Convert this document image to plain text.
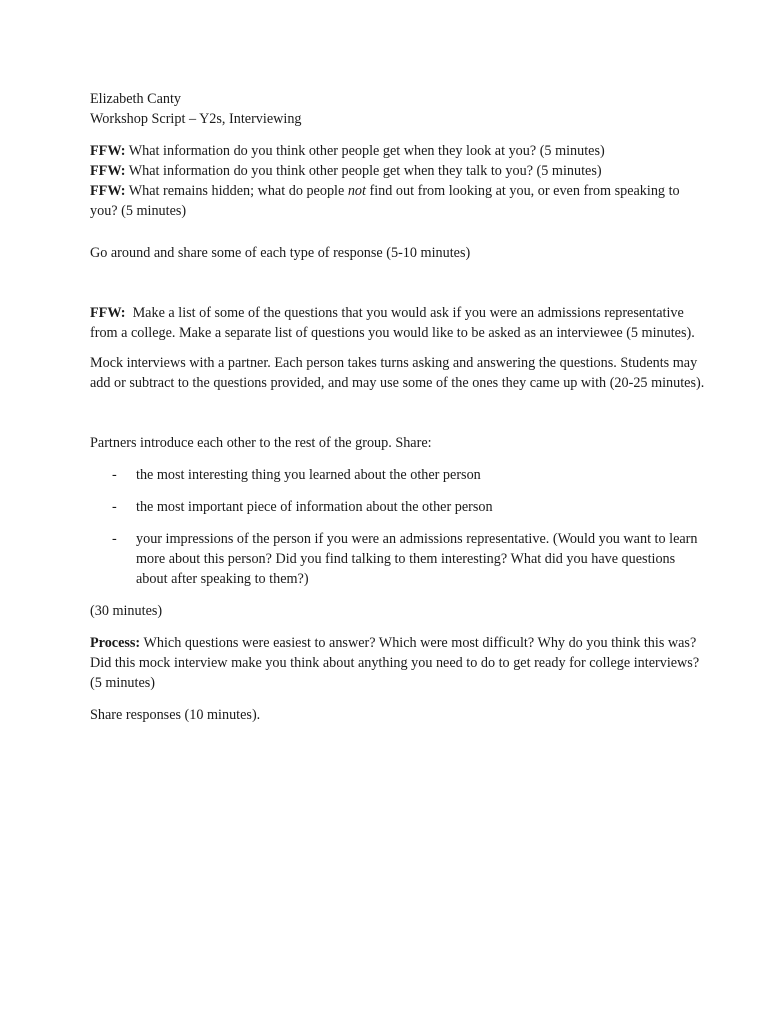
Elizabeth Canty

Workshop Script – Y2s, Interviewing

FFW: What information do you think other people get when they look at you? (5 minutes)

FFW: What information do you think other people get when they talk to you? (5 minutes)

FFW: What remains hidden; what do people not find out from looking at you, or even from speaking to you? (5 minutes)

Go around and share some of each type of response (5-10 minutes)

FFW: Make a list of some of the questions that you would ask if you were an admissions representative from a college. Make a separate list of questions you would like to be asked as an interviewee (5 minutes).

Mock interviews with a partner. Each person takes turns asking and answering the questions. Students may add or subtract to the questions provided, and may use some of the ones they came up with (20-25 minutes).

Partners introduce each other to the rest of the group. Share:

- the most interesting thing you learned about the other person
- the most important piece of information about the other person
- your impressions of the person if you were an admissions representative. (Would you want to learn more about this person? Did you find talking to them interesting? What did you have questions about after speaking to them?)

(30 minutes)

Process: Which questions were easiest to answer? Which were most difficult? Why do you think this was? Did this mock interview make you think about anything you need to do to get ready for college interviews? (5 minutes)

Share responses (10 minutes).
